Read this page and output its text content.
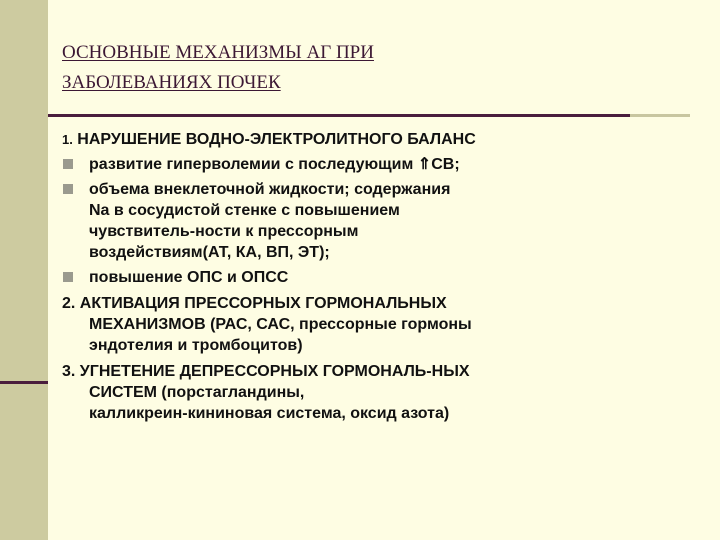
ОСНОВНЫЕ МЕХАНИЗМЫ АГ ПРИ
ЗАБОЛЕВАНИЯХ ПОЧЕК
1. НАРУШЕНИЕ ВОДНО-ЭЛЕКТРОЛИТНОГО БАЛАНС
развитие гиперволемии с последующим ⇑СВ;
объема внеклеточной жидкости; содержания
Na в сосудистой стенке с повышением
чувствитель-ности к прессорным
воздействиям(АТ, КА, ВП, ЭТ);
повышение ОПС и ОПСС
2. АКТИВАЦИЯ ПРЕССОРНЫХ ГОРМОНАЛЬНЫХ
МЕХАНИЗМОВ (РАС, САС, прессорные гормоны
эндотелия и тромбоцитов)
3. УГНЕТЕНИЕ ДЕПРЕССОРНЫХ ГОРМОНАЛЬ-НЫХ
СИСТЕМ (порстагландины,
калликреин-кининовая система, оксид азота)
